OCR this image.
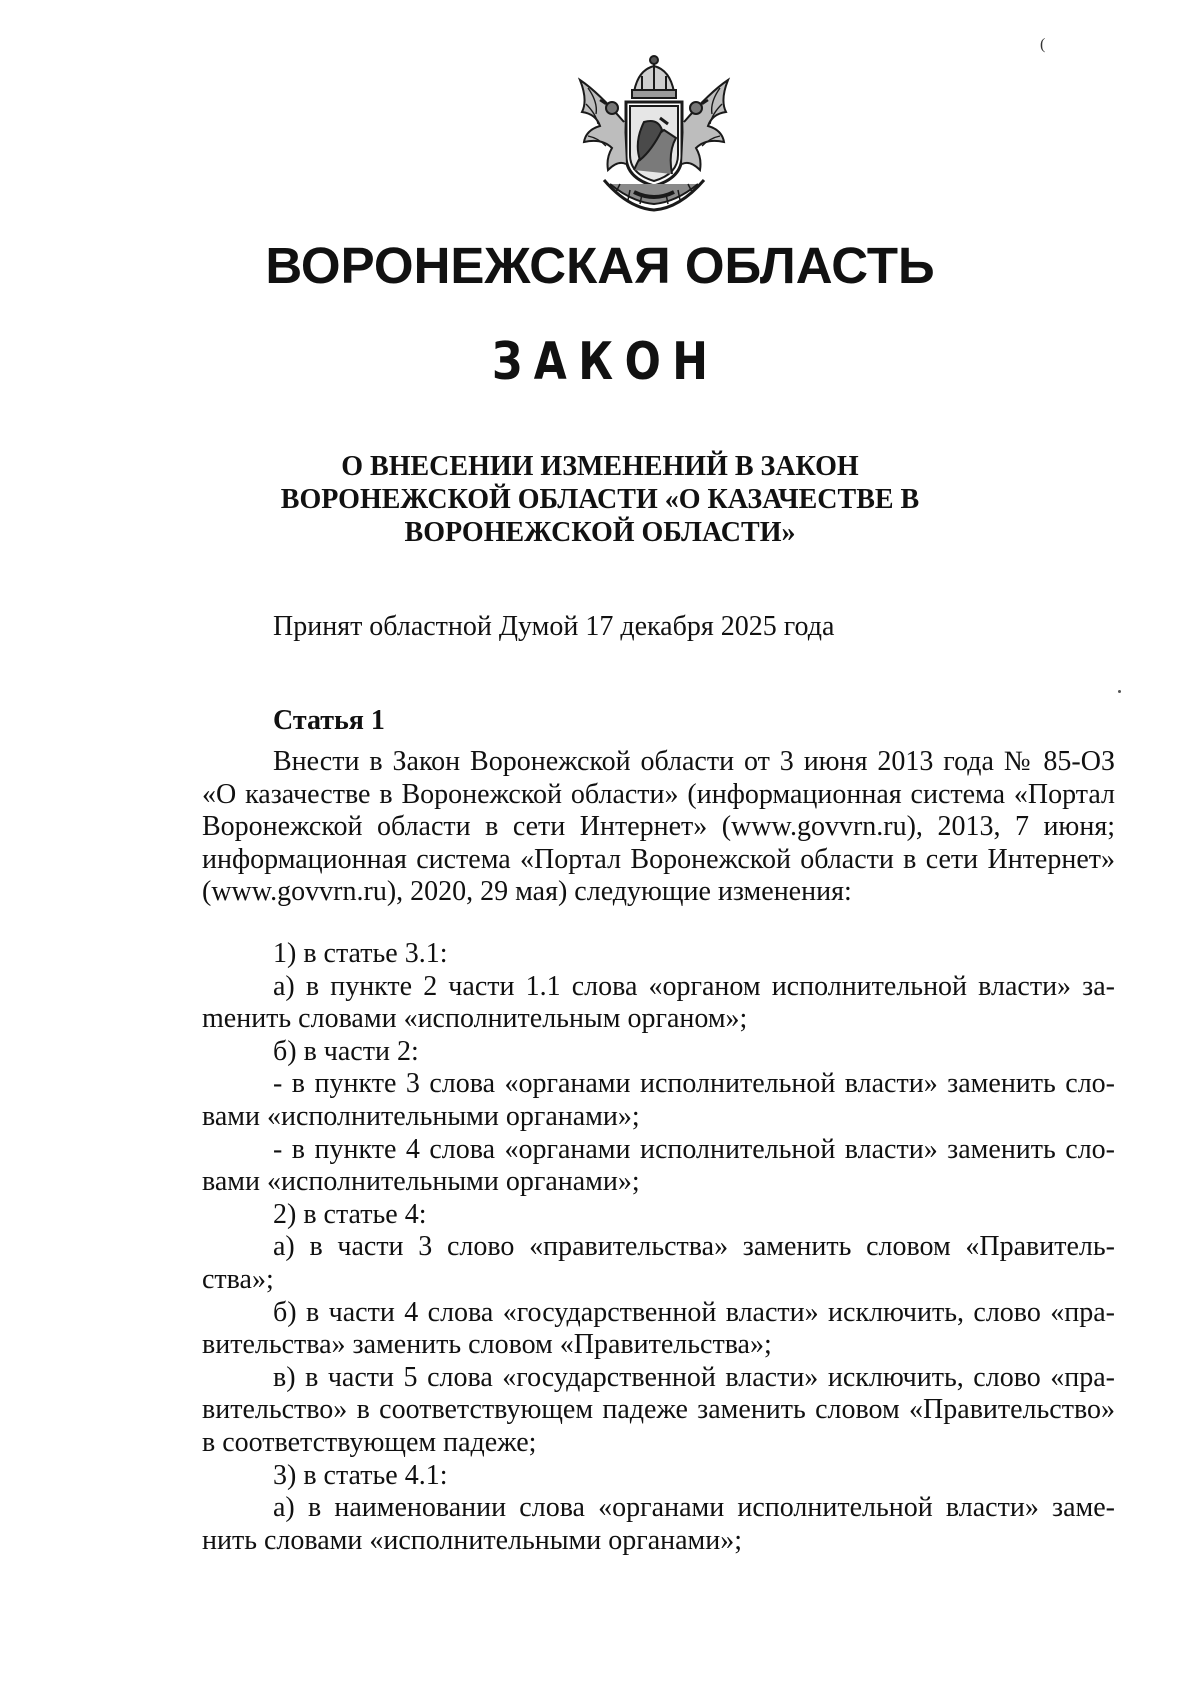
(
ВОРОНЕЖСКАЯ ОБЛАСТЬ
ЗАКОН
О ВНЕСЕНИИ ИЗМЕНЕНИЙ В ЗАКОН
ВОРОНЕЖСКОЙ ОБЛАСТИ «О КАЗАЧЕСТВЕ В
ВОРОНЕЖСКОЙ ОБЛАСТИ»
Принят областной Думой 17 декабря 2025 года
Статья 1

Внести в Закон Воронежской области от 3 июня 2013 года № 85-ОЗ «О казачестве в Воронежской области» (информационная система «Портал Воронежской области в сети Интернет» (www.govvrn.ru), 2013, 7 июня; информационная система «Портал Воронежской области в сети Интернет» (www.govvrn.ru), 2020, 29 мая) следующие изменения:

1) в статье 3.1:

а) в пункте 2 части 1.1 слова «органом исполнительной власти» заmенить словами «исполнительным органом»;

б) в части 2:

- в пункте 3 слова «органами исполнительной власти» заменить словами «исполнительными органами»;

- в пункте 4 слова «органами исполнительной власти» заменить словами «исполнительными органами»;

2) в статье 4:

а) в части 3 слово «правительства» заменить словом «Правительства»;

б) в части 4 слова «государственной власти» исключить, слово «правительства» заменить словом «Правительства»;

в) в части 5 слова «государственной власти» исключить, слово «правительство» в соответствующем падеже заменить словом «Правительство» в соответствующем падеже;

3) в статье 4.1:

а) в наименовании слова «органами исполнительной власти» заменить словами «исполнительными органами»;
